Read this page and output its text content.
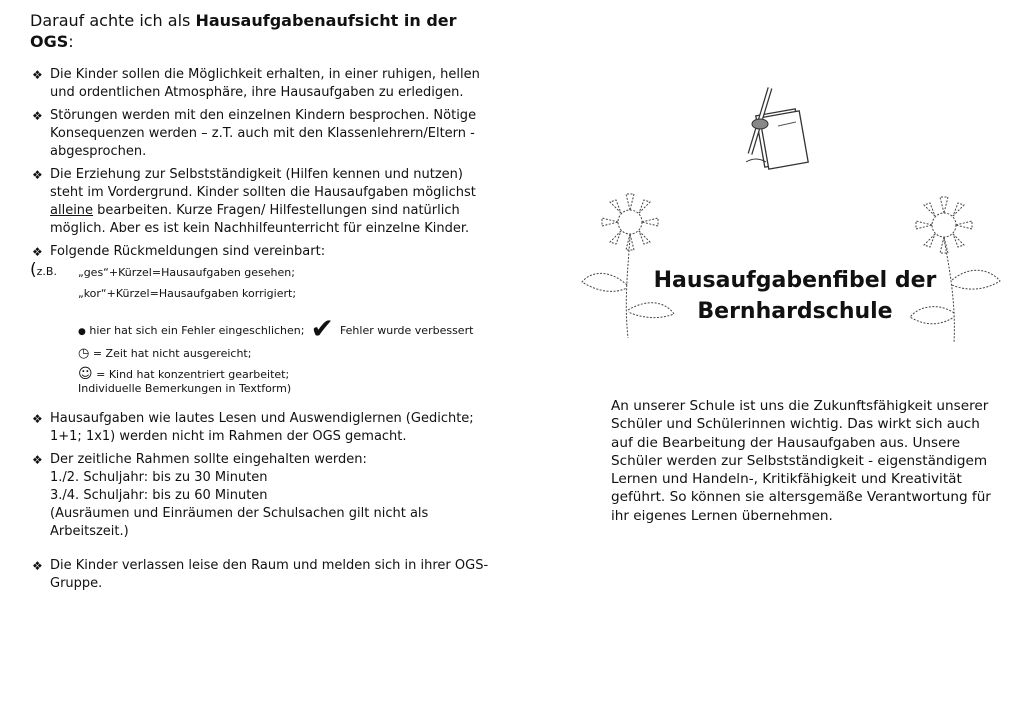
Darauf achte ich als Hausaufgabenaufsicht in der OGS:
❖ Die Kinder sollen die Möglichkeit erhalten, in einer ruhigen, hellen und ordentlichen Atmosphäre, ihre Hausaufgaben zu erledigen.
❖ Störungen werden mit den einzelnen Kindern besprochen. Nötige Konsequenzen werden – z.T. auch mit den Klassenlehrern/Eltern - abgesprochen.
❖ Die Erziehung zur Selbstständigkeit (Hilfen kennen und nutzen) steht im Vordergrund. Kinder sollten die Hausaufgaben möglichst alleine bearbeiten. Kurze Fragen/ Hilfestellungen sind natürlich möglich. Aber es ist kein Nachhilfeunterricht für einzelne Kinder.
❖ Folgende Rückmeldungen sind vereinbart:
(z.B. „ges“+Kürzel=Hausaufgaben gesehen;
„kor“+Kürzel=Hausaufgaben korrigiert;
● hier hat sich ein Fehler eingeschlichen; ✔ Fehler wurde verbessert
◷ = Zeit hat nicht ausgereicht;
☺ = Kind hat konzentriert gearbeitet;
Individuelle Bemerkungen in Textform)
❖ Hausaufgaben wie lautes Lesen und Auswendiglernen (Gedichte; 1+1; 1x1) werden nicht im Rahmen der OGS gemacht.
❖ Der zeitliche Rahmen sollte eingehalten werden:
1./2. Schuljahr: bis zu 30 Minuten
3./4. Schuljahr: bis zu 60 Minuten
(Ausräumen und Einräumen der Schulsachen gilt nicht als Arbeitszeit.)
❖ Die Kinder verlassen leise den Raum und melden sich in ihrer OGS-Gruppe.
Hausaufgabenfibel der
Bernhardschule
An unserer Schule ist uns die Zukunftsfähigkeit unserer Schüler und Schülerinnen wichtig. Das wirkt sich auch auf die Bearbeitung der Hausaufgaben aus. Unsere Schüler werden zur Selbstständigkeit - eigenständigem Lernen und Handeln-, Kritikfähigkeit und Kreativität geführt. So können sie altersgemäße Verantwortung für ihr eigenes Lernen übernehmen.
